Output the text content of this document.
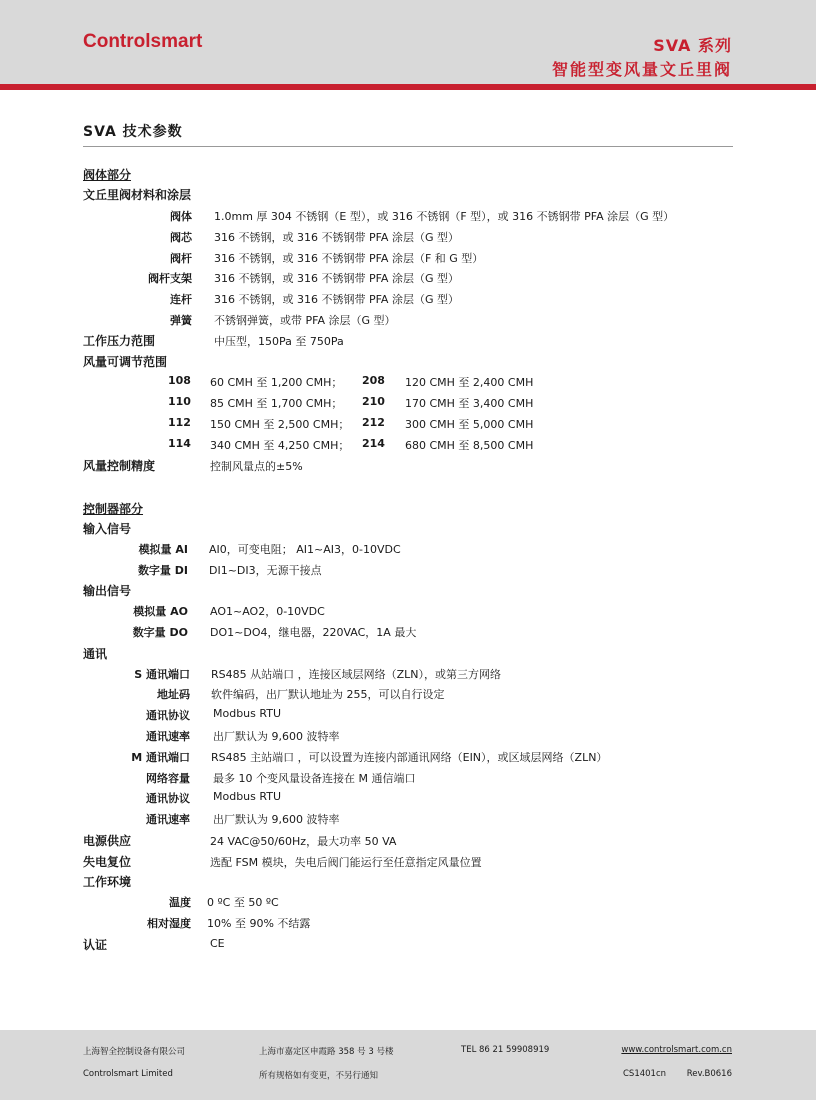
Controlsmart	SVA 系列
智能型变风量文丘里阀
SVA 技术参数
阀体部分
文丘里阀材料和涂层
阀体 1.0mm 厚 304 不锈钢（E 型），或 316 不锈钢（F 型），或 316 不锈钢带 PFA 涂层（G 型）
阀芯 316 不锈钢，或 316 不锈钢带 PFA 涂层（G 型）
阀杆 316 不锈钢，或 316 不锈钢带 PFA 涂层（F 和 G 型）
阀杆支架 316 不锈钢，或 316 不锈钢带 PFA 涂层（G 型）
连杆 316 不锈钢，或 316 不锈钢带 PFA 涂层（G 型）
弹簧 不锈钢弹簧，或带 PFA 涂层（G 型）
工作压力范围	中压型，150Pa 至 750Pa
风量可调节范围
108 60 CMH 至 1,200 CMH； 208 120 CMH 至 2,400 CMH
110 85 CMH 至 1,700 CMH； 210 170 CMH 至 3,400 CMH
112 150 CMH 至 2,500 CMH； 212 300 CMH 至 5,000 CMH
114 340 CMH 至 4,250 CMH； 214 680 CMH 至 8,500 CMH
风量控制精度	控制风量点的±5%
控制器部分
输入信号
模拟量 AI AI0，可变电阻； AI1~AI3，0-10VDC
数字量 DI DI1~DI3，无源干接点
输出信号
模拟量 AO AO1~AO2，0-10VDC
数字量 DO DO1~DO4，继电器，220VAC，1A 最大
通讯
S 通讯端口 RS485 从站端口 ，连接区域层网络（ZLN），或第三方网络
地址码 软件编码，出厂默认地址为 255，可以自行设定
通讯协议 Modbus RTU
通讯速率 出厂默认为 9,600 波特率
M 通讯端口 RS485 主站端口 ，可以设置为连接内部通讯网络（EIN），或区域层网络（ZLN）
网络容量 最多 10 个变风量设备连接在 M 通信端口
通讯协议 Modbus RTU
通讯速率 出厂默认为 9,600 波特率
电源供应	24 VAC@50/60Hz，最大功率 50 VA
失电复位	选配 FSM 模块，失电后阀门能运行至任意指定风量位置
工作环境
温度 0 ºC 至 50 ºC
相对湿度 10% 至 90% 不结露
认证	CE
上海智全控制设备有限公司	上海市嘉定区申霞路 358 号 3 号楼	TEL 86 21 59908919	www.controlsmart.com.cn
Controlsmart Limited	所有规格如有变更，不另行通知	CS1401cn Rev.B0616
